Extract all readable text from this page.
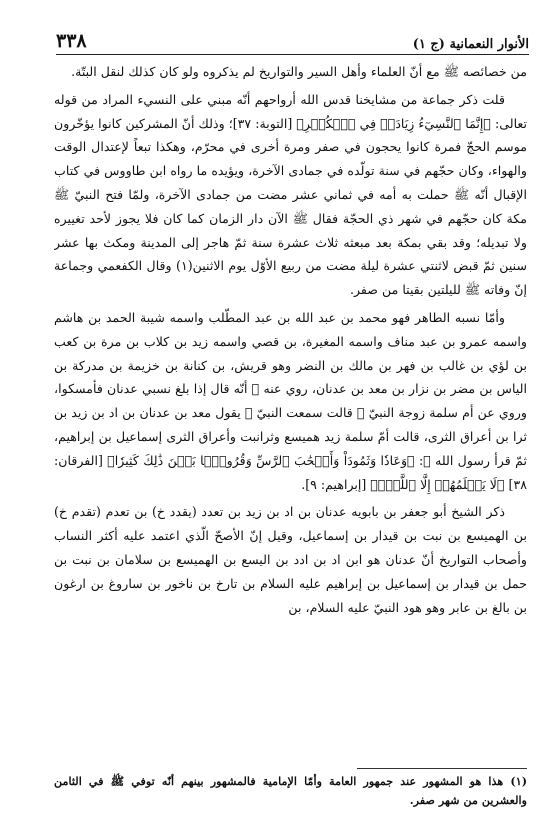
الأنوار النعمانية (ج ١)
٣٣٨

من خصائصه ﷺ مع أنّ العلماء وأهل السير والتواريخ لم يذكروه ولو كان كذلك لنقل البتّة.

قلت ذكر جماعة من مشايخنا قدس الله أرواحهم أنّه مبني على النسيء المراد من قوله تعالى: ﴿إِنَّمَا ٱلنَّسِيٓءُ زِيَادَةٞ فِي ٱلۡكُفۡرِ﴾ [التوبة: ٣٧]؛ وذلك أنّ المشركين كانوا يؤخّرون موسم الحجّ فمرة كانوا يحجون في صفر ومرة أخرى في محرّم، وهكذا تبعاً لإعتدال الوقت والهواء، وكان حجّهم في سنة تولّده في جمادى الآخرة، ويؤيده ما رواه ابن طاووس في كتاب الإقبال أنّه ﷺ حملت به أمه في ثماني عشر مضت من جمادى الآخرة، ولمّا فتح النبيّ ﷺ مكة كان حجّهم في شهر ذي الحجّة فقال ﷺ الآن دار الزمان كما كان فلا يجوز لأحد تغييره ولا تبديله؛ وقد بقي بمكة بعد مبعثه ثلاث عشرة سنة ثمّ هاجر إلى المدينة ومكث بها عشر سنين ثمّ قبض لاثنتي عشرة ليلة مضت من ربيع الأوّل يوم الاثنين(١) وقال الكفعمي وجماعة إنّ وفاته ﷺ لليلتين بقيتا من صفر.

وأمّا نسبه الطاهر فهو محمد بن عبد الله بن عبد المطّلب واسمه شيبة الحمد بن هاشم واسمه عمرو بن عبد مناف واسمه المغيرة، بن قصي واسمه زيد بن كلاب بن مرة بن كعب بن لؤي بن غالب بن فهر بن مالك بن النضر وهو قريش، بن كنانة بن خزيمة بن مدركة بن الياس بن مضر بن نزار بن معد بن عدنان، روي عنه ﷺ أنّه قال إذا بلغ نسبي عدنان فأمسكوا، وروي عن أم سلمة زوجة النبيّ ﷺ قالت سمعت النبيّ ﷺ يقول معد بن عدنان بن اد بن زيد بن ثرا بن أعراق الثرى، قالت أمّ سلمة زيد هميسع وثرانبت وأعراق الثرى إسماعيل بن إبراهيم، ثمّ قرأ رسول الله ﷺ: ﴿وَعَادٗا وَثَمُودَاْ وَأَصۡحَٰبَ ٱلرَّسِّ وَقُرُونَۢا بَيۡنَ ذَٰلِكَ كَثِيرٗا﴾ [الفرقان: ٣٨] ﴿لَا يَعۡلَمُهُمۡ إِلَّا ٱللَّهُۚ﴾ [إبراهيم: ٩].

ذكر الشيخ أبو جعفر بن بابويه عدنان بن اد بن زيد بن تعدد (يقدد خ) بن تعدم (تقدم خ) بن الهميسع بن نبت بن قيدار بن إسماعيل، وقيل إنّ الأصحّ الّذي اعتمد عليه أكثر النساب وأصحاب التواريخ أنّ عدنان هو ابن اد بن ادد بن اليسع بن الهميسع بن سلامان بن نبت بن حمل بن قيدار بن إسماعيل بن إبراهيم عليه السلام بن تارخ بن ناخور بن ساروغ بن ارغون بن بالغ بن عابر وهو هود النبيّ عليه السلام، بن

(١) هذا هو المشهور عند جمهور العامة وأمّا الإمامية فالمشهور بينهم أنّه توفي ﷺ في الثامن والعشرين من شهر صفر.
